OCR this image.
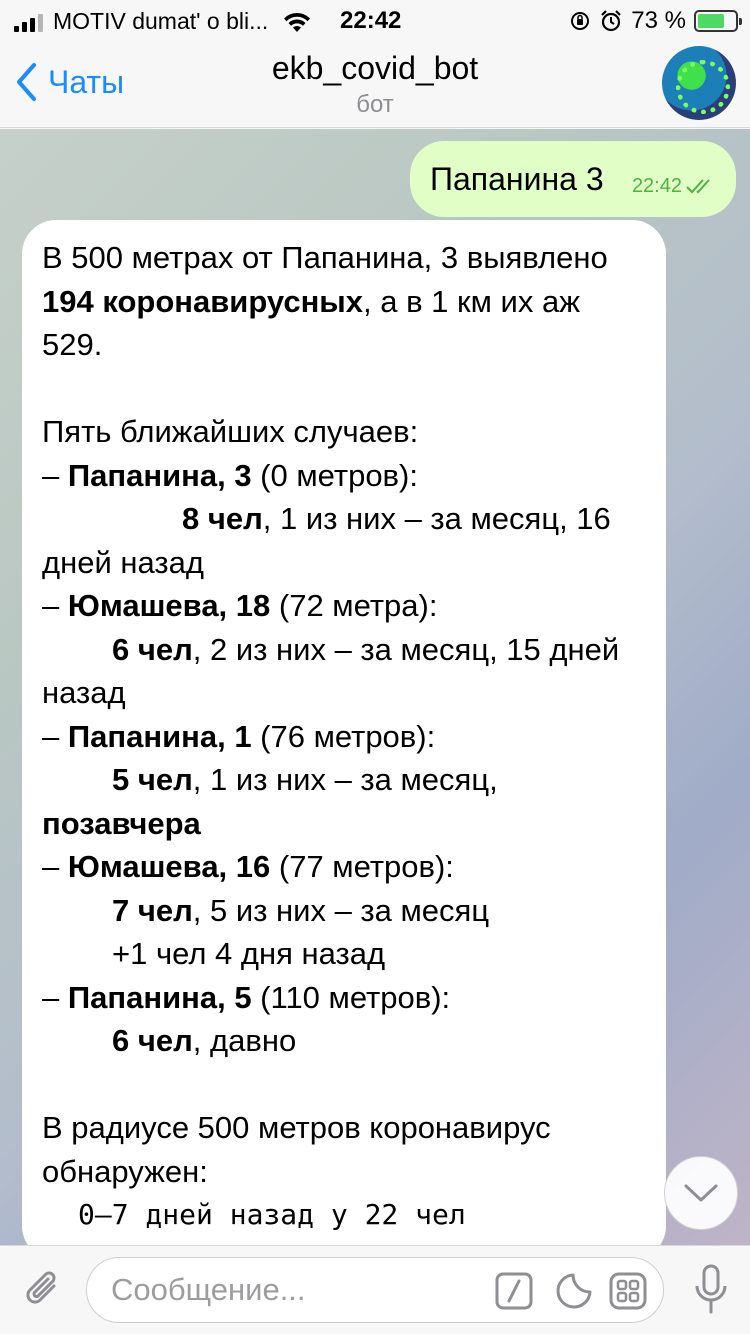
MOTIV dumat' o bli...	22:42	73 %
Чаты	ekb_covid_bot
бот
Папанина 3 22:42

В 500 метрах от Папанина, 3 выявлено 194 коронавирусных, а в 1 км их аж 529.

Пять ближайших случаев:

– Папанина, 3 (0 метров):

8 чел, 1 из них – за месяц, 16 дней назад

– Юмашева, 18 (72 метра):

6 чел, 2 из них – за месяц, 15 дней назад

– Папанина, 1 (76 метров):

5 чел, 1 из них – за месяц, позавчера

– Юмашева, 16 (77 метров):

7 чел, 5 из них – за месяц

+1 чел 4 дня назад

– Папанина, 5 (110 метров):

6 чел, давно

В радиусе 500 метров коронавирус обнаружен:

0–7 дней назад у 22 чел

Сообщение...
